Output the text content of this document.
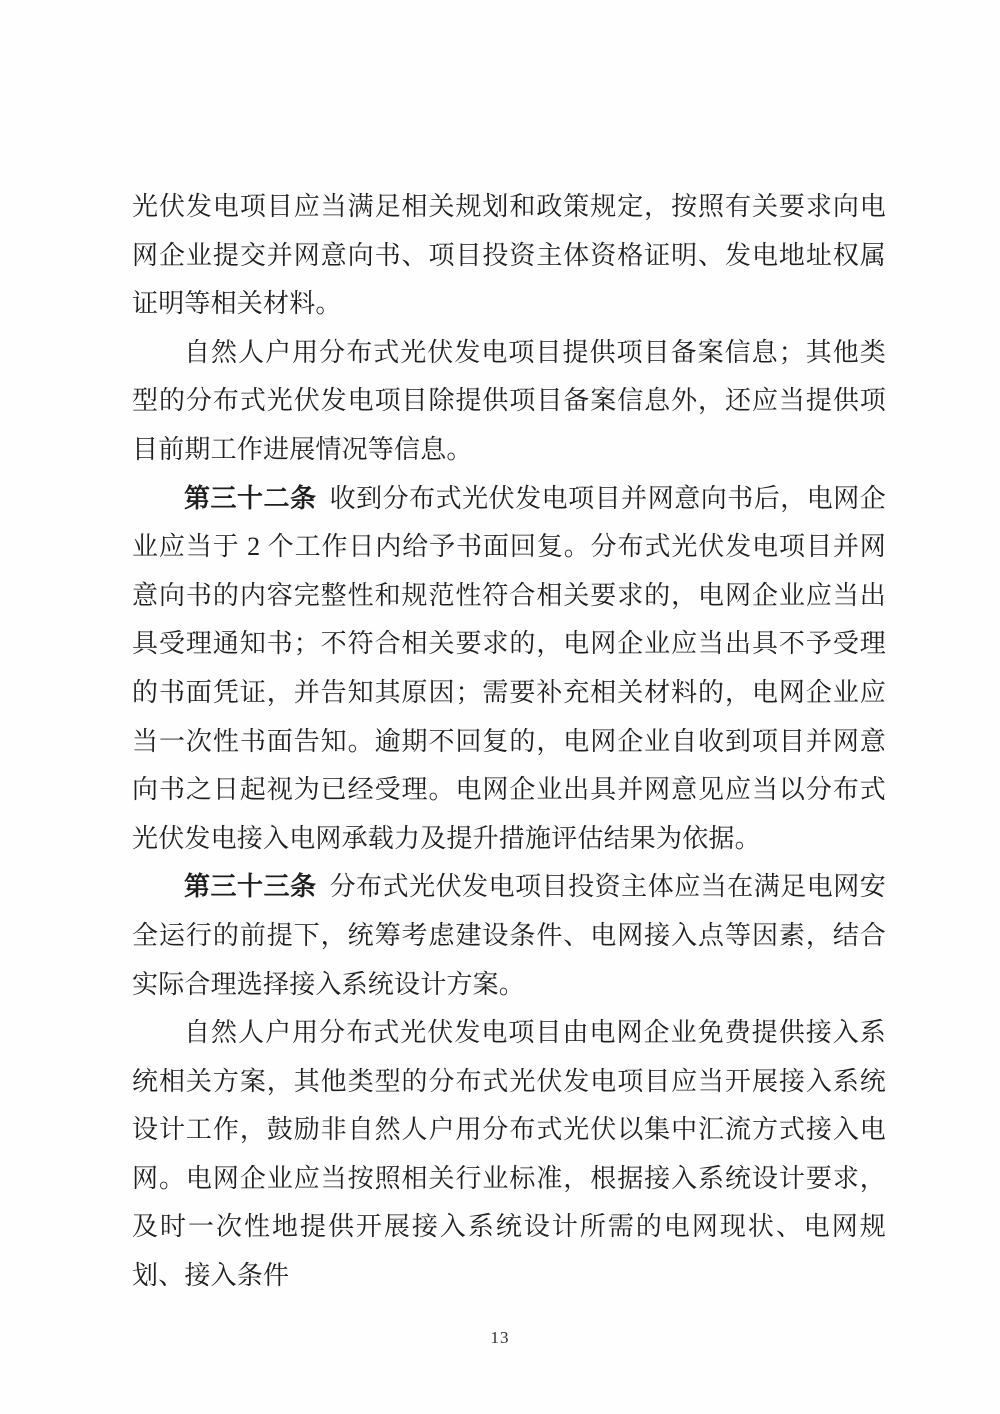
光伏发电项目应当满足相关规划和政策规定，按照有关要求向电网企业提交并网意向书、项目投资主体资格证明、发电地址权属证明等相关材料。

自然人户用分布式光伏发电项目提供项目备案信息；其他类型的分布式光伏发电项目除提供项目备案信息外，还应当提供项目前期工作进展情况等信息。

第三十二条 收到分布式光伏发电项目并网意向书后，电网企业应当于 2 个工作日内给予书面回复。分布式光伏发电项目并网意向书的内容完整性和规范性符合相关要求的，电网企业应当出具受理通知书；不符合相关要求的，电网企业应当出具不予受理的书面凭证，并告知其原因；需要补充相关材料的，电网企业应当一次性书面告知。逾期不回复的，电网企业自收到项目并网意向书之日起视为已经受理。电网企业出具并网意见应当以分布式光伏发电接入电网承载力及提升措施评估结果为依据。

第三十三条 分布式光伏发电项目投资主体应当在满足电网安全运行的前提下，统筹考虑建设条件、电网接入点等因素，结合实际合理选择接入系统设计方案。

自然人户用分布式光伏发电项目由电网企业免费提供接入系统相关方案，其他类型的分布式光伏发电项目应当开展接入系统设计工作，鼓励非自然人户用分布式光伏以集中汇流方式接入电网。电网企业应当按照相关行业标准，根据接入系统设计要求，及时一次性地提供开展接入系统设计所需的电网现状、电网规划、接入条件

13
